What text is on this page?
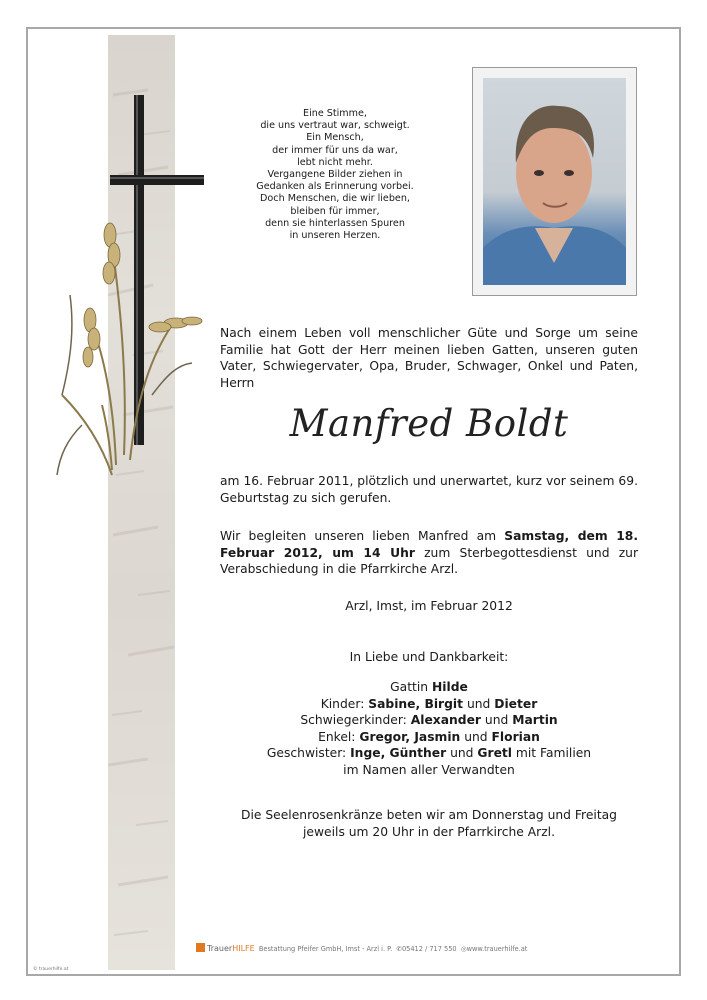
Eine Stimme,
die uns vertraut war, schweigt.
Ein Mensch,
der immer für uns da war,
lebt nicht mehr.
Vergangene Bilder ziehen in
Gedanken als Erinnerung vorbei.
Doch Menschen, die wir lieben,
bleiben für immer,
denn sie hinterlassen Spuren
in unseren Herzen.
Nach einem Leben voll menschlicher Güte und Sorge um seine Familie hat Gott der Herr meinen lieben Gatten, unseren guten Vater, Schwiegervater, Opa, Bruder, Schwager, Onkel und Paten, Herrn
Manfred Boldt
am 16. Februar 2011, plötzlich und unerwartet, kurz vor seinem 69. Geburtstag zu sich gerufen.
Wir begleiten unseren lieben Manfred am Samstag, dem 18. Februar 2012, um 14 Uhr zum Sterbegottesdienst und zur Verabschiedung in die Pfarrkirche Arzl.
Arzl, Imst, im Februar 2012
In Liebe und Dankbarkeit:
Gattin Hilde
Kinder: Sabine, Birgit und Dieter
Schwiegerkinder: Alexander und Martin
Enkel: Gregor, Jasmin und Florian
Geschwister: Inge, Günther und Gretl mit Familien
im Namen aller Verwandten
Die Seelenrosenkränze beten wir am Donnerstag und Freitag jeweils um 20 Uhr in der Pfarrkirche Arzl.
TrauerHILFE Bestattung Pfeifer GmbH, Imst - Arzl i. P. ✆05412 / 717 550 ◎www.trauerhilfe.at
© trauerhilfe.at
